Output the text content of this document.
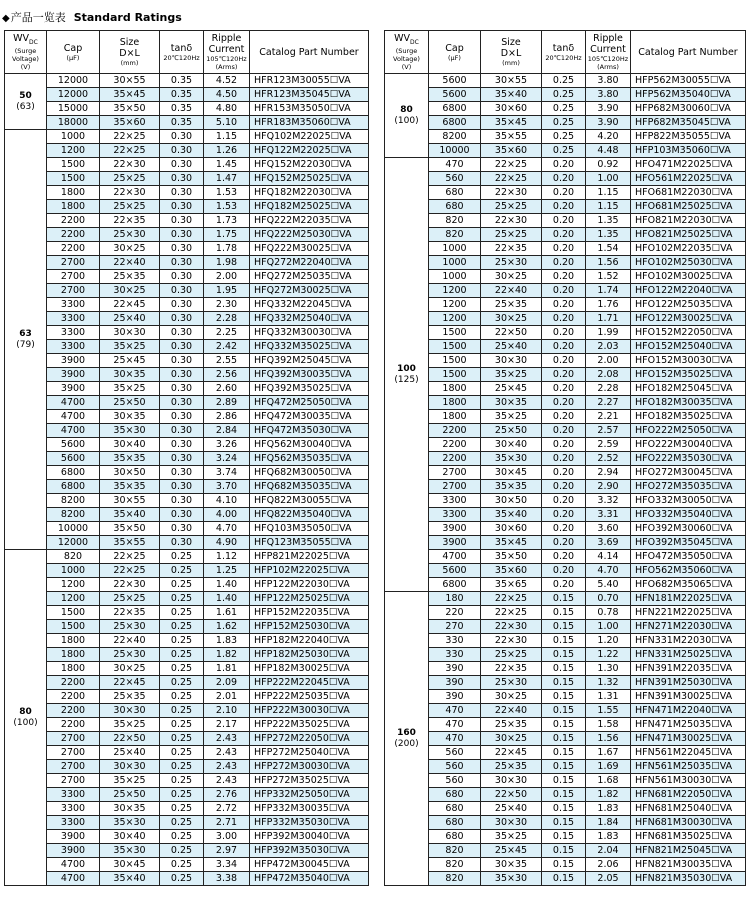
◆产品一览表 Standard Ratings
$WV_{DC}$
(Surge
Voltage)
(V)	Cap
(μF)	Size
D×L
(mm)	tanδ
20℃120Hz	Ripple
Current
105℃120Hz
(Arms)	Catalog Part Number

50
(63)	12000	30×55	0.35	4.52	HFR123M30055☐VA
	12000	35×45	0.35	4.50	HFR123M35045☐VA
	15000	35×50	0.35	4.80	HFR153M35050☐VA
	18000	35×60	0.35	5.10	HFR183M35060☐VA
63
(79)	1000	22×25	0.30	1.15	HFQ102M22025☐VA
	1200	22×25	0.30	1.26	HFQ122M22025☐VA
	1500	22×30	0.30	1.45	HFQ152M22030☐VA
	1500	25×25	0.30	1.47	HFQ152M25025☐VA
	1800	22×30	0.30	1.53	HFQ182M22030☐VA
	1800	25×25	0.30	1.53	HFQ182M25025☐VA
	2200	22×35	0.30	1.73	HFQ222M22035☐VA
	2200	25×30	0.30	1.75	HFQ222M25030☐VA
	2200	30×25	0.30	1.78	HFQ222M30025☐VA
	2700	22×40	0.30	1.98	HFQ272M22040☐VA
	2700	25×35	0.30	2.00	HFQ272M25035☐VA
	2700	30×25	0.30	1.95	HFQ272M30025☐VA
	3300	22×45	0.30	2.30	HFQ332M22045☐VA
	3300	25×40	0.30	2.28	HFQ332M25040☐VA
	3300	30×30	0.30	2.25	HFQ332M30030☐VA
	3300	35×25	0.30	2.42	HFQ332M35025☐VA
	3900	25×45	0.30	2.55	HFQ392M25045☐VA
	3900	30×35	0.30	2.56	HFQ392M30035☐VA
	3900	35×25	0.30	2.60	HFQ392M35025☐VA
	4700	25×50	0.30	2.89	HFQ472M25050☐VA
	4700	30×35	0.30	2.86	HFQ472M30035☐VA
	4700	35×30	0.30	2.84	HFQ472M35030☐VA
	5600	30×40	0.30	3.26	HFQ562M30040☐VA
	5600	35×35	0.30	3.24	HFQ562M35035☐VA
	6800	30×50	0.30	3.74	HFQ682M30050☐VA
	6800	35×35	0.30	3.70	HFQ682M35035☐VA
	8200	30×55	0.30	4.10	HFQ822M30055☐VA
	8200	35×40	0.30	4.00	HFQ822M35040☐VA
	10000	35×50	0.30	4.70	HFQ103M35050☐VA
	12000	35×55	0.30	4.90	HFQ123M35055☐VA
80
(100)	820	22×25	0.25	1.12	HFP821M22025☐VA
	1000	22×25	0.25	1.25	HFP102M22025☐VA
	1200	22×30	0.25	1.40	HFP122M22030☐VA
	1200	25×25	0.25	1.40	HFP122M25025☐VA
	1500	22×35	0.25	1.61	HFP152M22035☐VA
	1500	25×30	0.25	1.62	HFP152M25030☐VA
	1800	22×40	0.25	1.83	HFP182M22040☐VA
	1800	25×30	0.25	1.82	HFP182M25030☐VA
	1800	30×25	0.25	1.81	HFP182M30025☐VA
	2200	22×45	0.25	2.09	HFP222M22045☐VA
	2200	25×35	0.25	2.01	HFP222M25035☐VA
	2200	30×30	0.25	2.10	HFP222M30030☐VA
	2200	35×25	0.25	2.17	HFP222M35025☐VA
	2700	22×50	0.25	2.43	HFP272M22050☐VA
	2700	25×40	0.25	2.43	HFP272M25040☐VA
	2700	30×30	0.25	2.43	HFP272M30030☐VA
	2700	35×25	0.25	2.43	HFP272M35025☐VA
	3300	25×50	0.25	2.76	HFP332M25050☐VA
	3300	30×35	0.25	2.72	HFP332M30035☐VA
	3300	35×30	0.25	2.71	HFP332M35030☐VA
	3900	30×40	0.25	3.00	HFP392M30040☐VA
	3900	35×30	0.25	2.97	HFP392M35030☐VA
	4700	30×45	0.25	3.34	HFP472M30045☐VA
	4700	35×40	0.25	3.38	HFP472M35040☐VA
$WV_{DC}$
(Surge
Voltage)
(V)	Cap
(μF)	Size
D×L
(mm)	tanδ
20℃120Hz	Ripple
Current
105℃120Hz
(Arms)	Catalog Part Number

80
(100)	5600	30×55	0.25	3.80	HFP562M30055☐VA
	5600	35×40	0.25	3.80	HFP562M35040☐VA
	6800	30×60	0.25	3.90	HFP682M30060☐VA
	6800	35×45	0.25	3.90	HFP682M35045☐VA
	8200	35×55	0.25	4.20	HFP822M35055☐VA
	10000	35×60	0.25	4.48	HFP103M35060☐VA
100
(125)	470	22×25	0.20	0.92	HFO471M22025☐VA
	560	22×25	0.20	1.00	HFO561M22025☐VA
	680	22×30	0.20	1.15	HFO681M22030☐VA
	680	25×25	0.20	1.15	HFO681M25025☐VA
	820	22×30	0.20	1.35	HFO821M22030☐VA
	820	25×25	0.20	1.35	HFO821M25025☐VA
	1000	22×35	0.20	1.54	HFO102M22035☐VA
	1000	25×30	0.20	1.56	HFO102M25030☐VA
	1000	30×25	0.20	1.52	HFO102M30025☐VA
	1200	22×40	0.20	1.74	HFO122M22040☐VA
	1200	25×35	0.20	1.76	HFO122M25035☐VA
	1200	30×25	0.20	1.71	HFO122M30025☐VA
	1500	22×50	0.20	1.99	HFO152M22050☐VA
	1500	25×40	0.20	2.03	HFO152M25040☐VA
	1500	30×30	0.20	2.00	HFO152M30030☐VA
	1500	35×25	0.20	2.08	HFO152M35025☐VA
	1800	25×45	0.20	2.28	HFO182M25045☐VA
	1800	30×35	0.20	2.27	HFO182M30035☐VA
	1800	35×25	0.20	2.21	HFO182M35025☐VA
	2200	25×50	0.20	2.57	HFO222M25050☐VA
	2200	30×40	0.20	2.59	HFO222M30040☐VA
	2200	35×30	0.20	2.52	HFO222M35030☐VA
	2700	30×45	0.20	2.94	HFO272M30045☐VA
	2700	35×35	0.20	2.90	HFO272M35035☐VA
	3300	30×50	0.20	3.32	HFO332M30050☐VA
	3300	35×40	0.20	3.31	HFO332M35040☐VA
	3900	30×60	0.20	3.60	HFO392M30060☐VA
	3900	35×45	0.20	3.69	HFO392M35045☐VA
	4700	35×50	0.20	4.14	HFO472M35050☐VA
	5600	35×60	0.20	4.70	HFO562M35060☐VA
	6800	35×65	0.20	5.40	HFO682M35065☐VA
160
(200)	180	22×25	0.15	0.70	HFN181M22025☐VA
	220	22×25	0.15	0.78	HFN221M22025☐VA
	270	22×30	0.15	1.00	HFN271M22030☐VA
	330	22×30	0.15	1.20	HFN331M22030☐VA
	330	25×25	0.15	1.22	HFN331M25025☐VA
	390	22×35	0.15	1.30	HFN391M22035☐VA
	390	25×30	0.15	1.32	HFN391M25030☐VA
	390	30×25	0.15	1.31	HFN391M30025☐VA
	470	22×40	0.15	1.55	HFN471M22040☐VA
	470	25×35	0.15	1.58	HFN471M25035☐VA
	470	30×25	0.15	1.56	HFN471M30025☐VA
	560	22×45	0.15	1.67	HFN561M22045☐VA
	560	25×35	0.15	1.69	HFN561M25035☐VA
	560	30×30	0.15	1.68	HFN561M30030☐VA
	680	22×50	0.15	1.82	HFN681M22050☐VA
	680	25×40	0.15	1.83	HFN681M25040☐VA
	680	30×30	0.15	1.84	HFN681M30030☐VA
	680	35×25	0.15	1.83	HFN681M35025☐VA
	820	25×45	0.15	2.04	HFN821M25045☐VA
	820	30×35	0.15	2.06	HFN821M30035☐VA
	820	35×30	0.15	2.05	HFN821M35030☐VA
